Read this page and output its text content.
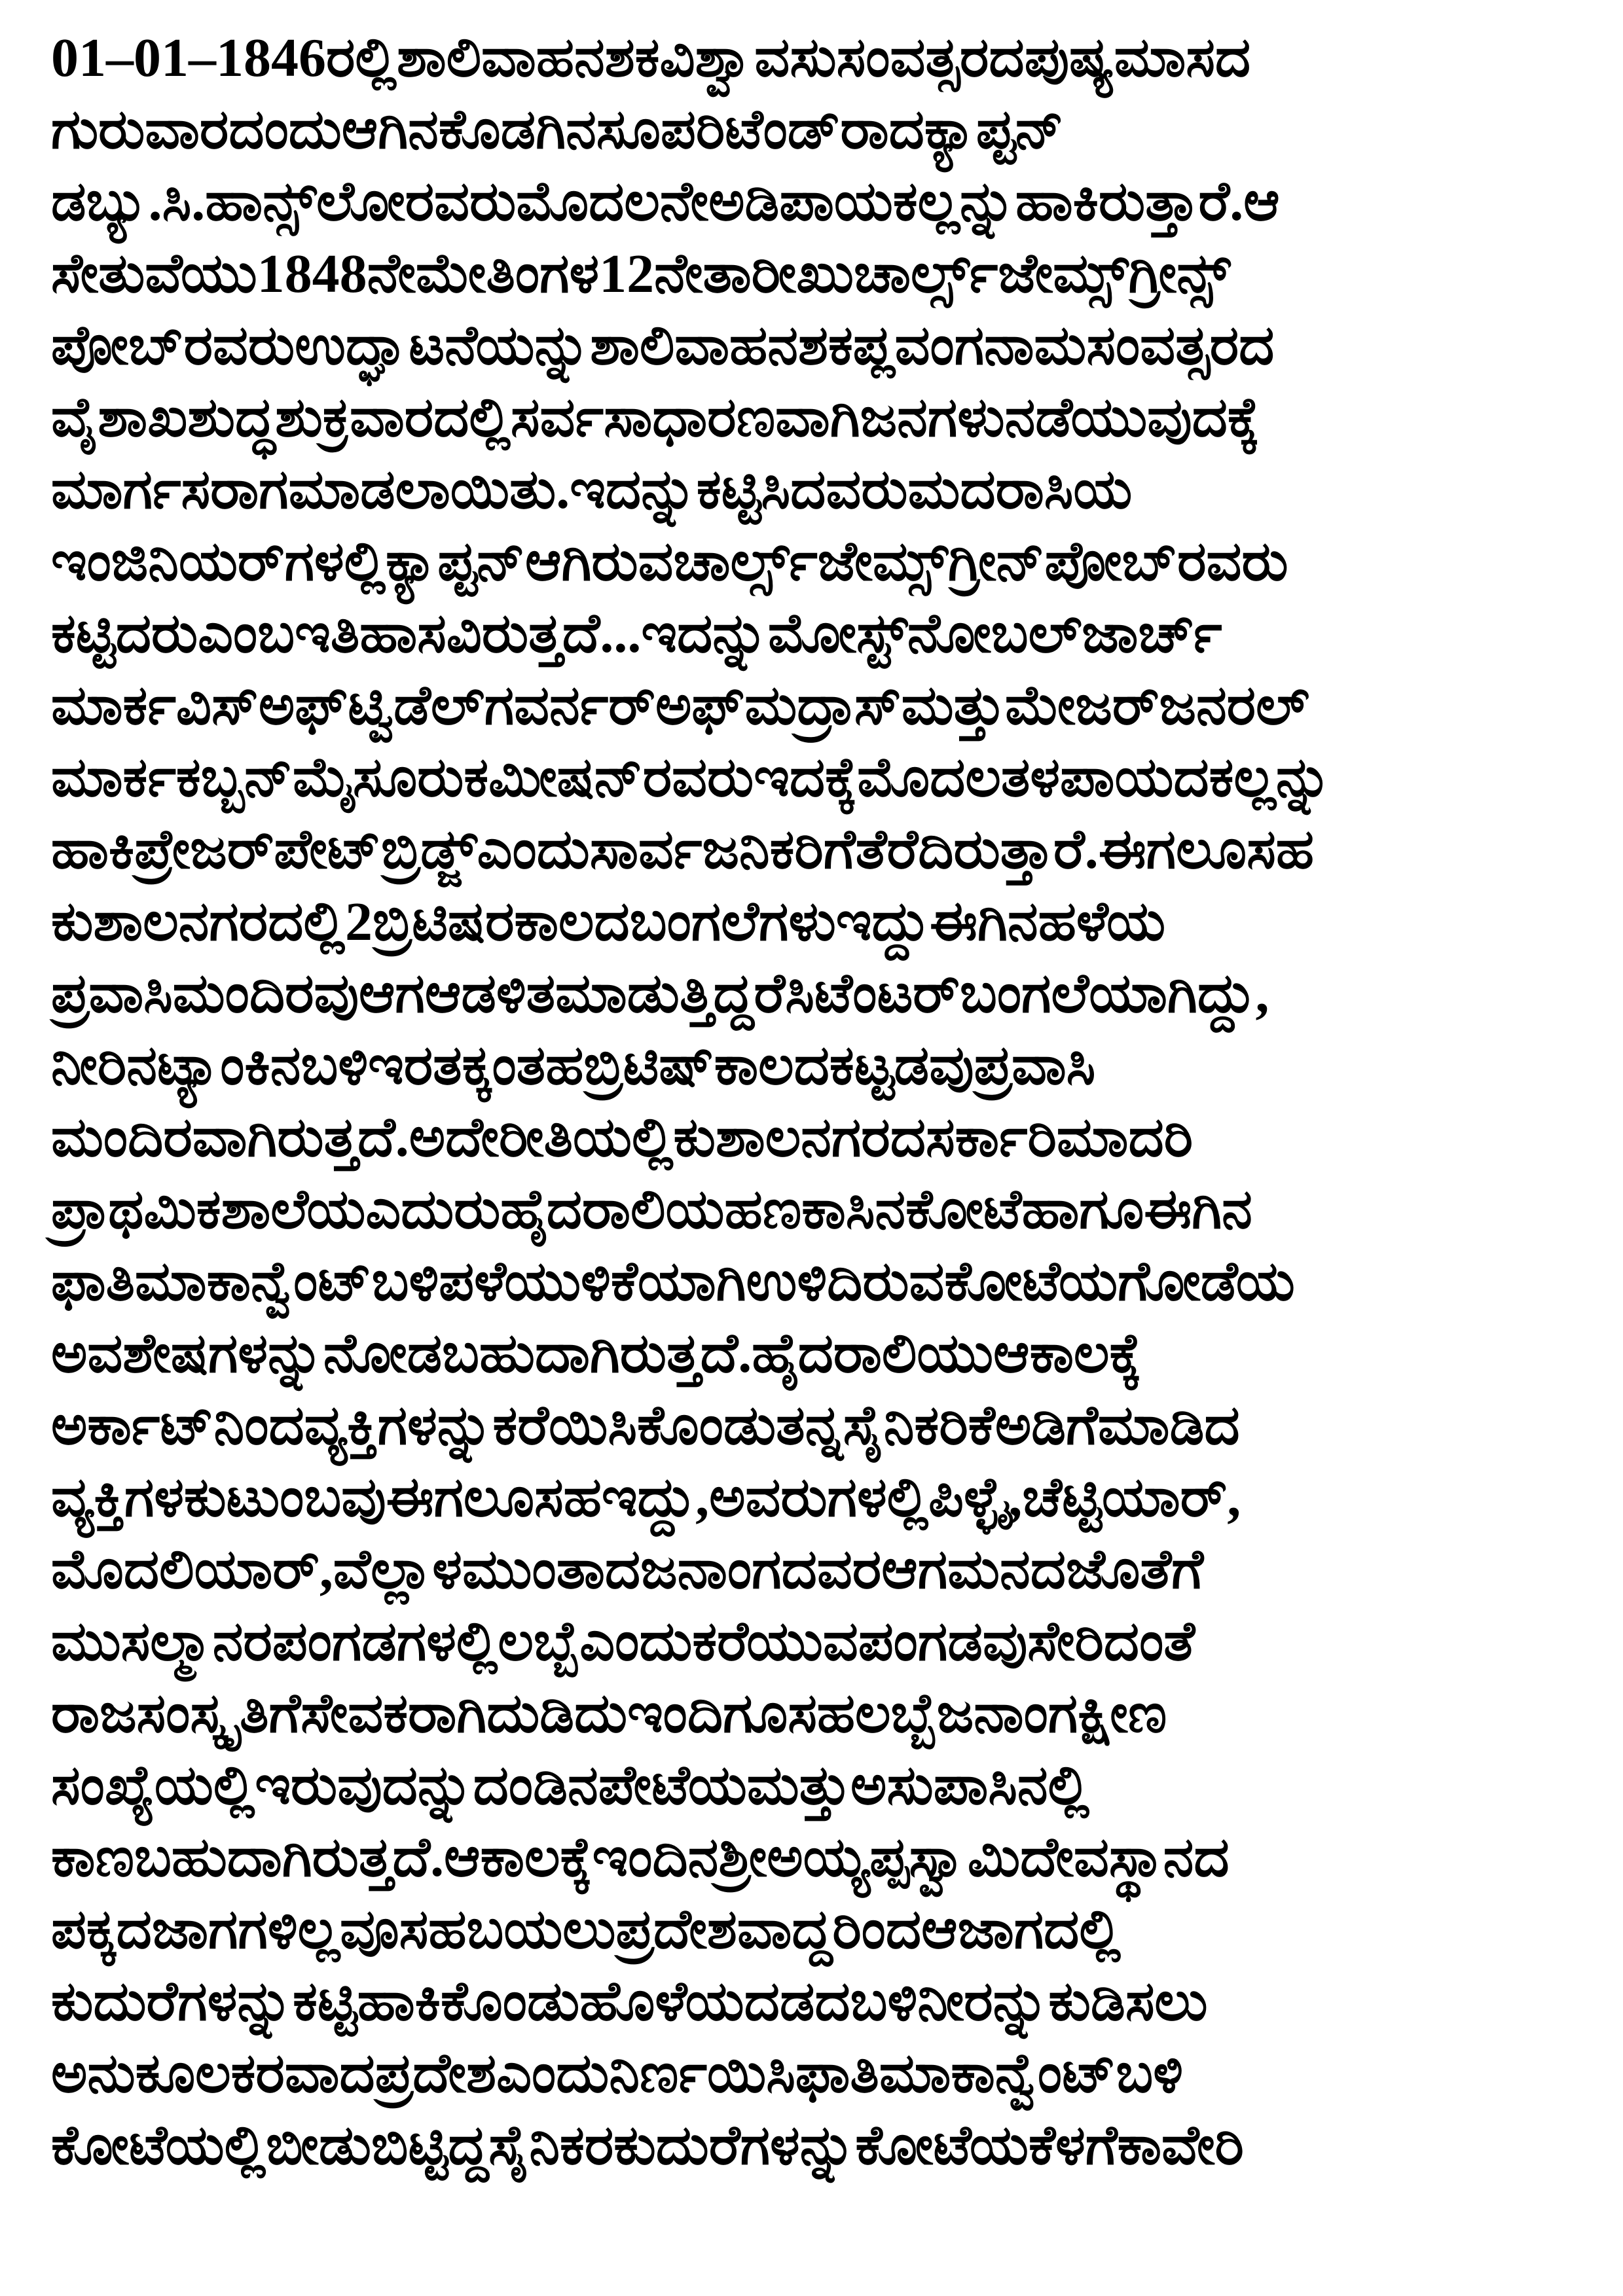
01–01–1846ರಲ್ಲಿ ಶಾಲಿವಾಹನ ಶಕ ವಿಶ್ವಾವಸು ಸಂವತ್ಸರದ ಪುಷ್ಯಮಾಸದ
ಗುರುವಾರದಂದು ಆಗಿನ ಕೊಡಗಿನ ಸೂಪರಿಟೆಂಡ್‌ರಾದ ಕ್ಯಾಪ್ಟನ್
ಡಬ್ಯು.ಸಿ.ಹಾನ್ಸ್‌ಲೋರವರು ಮೊದಲನೇ ಅಡಿಪಾಯ ಕಲ್ಲನ್ನು ಹಾಕಿರುತ್ತಾರೆ. ಆ
ಸೇತುವೆಯು 1848ನೇ ಮೇ ತಿಂಗಳ 12ನೇ ತಾರೀಖು ಚಾರ್ಲ್ಸ್‌ಜೇಮ್ಸ್ ಗ್ರೀನ್ಸ್
ಪೋಬ್‌ರವರು ಉದ್ಘಾಟನೆಯನ್ನು ಶಾಲಿವಾಹನ ಶಕಪ್ಲವಂಗನಾಮ ಸಂವತ್ಸರದ
ವೈಶಾಖ ಶುದ್ಧ ಶುಕ್ರವಾರದಲ್ಲಿ ಸರ್ವಸಾಧಾರಣವಾಗಿ ಜನಗಳು ನಡೆಯುವುದಕ್ಕೆ
ಮಾರ್ಗಸರಾಗ ಮಾಡಲಾಯಿತು. ಇದನ್ನು ಕಟ್ಟಿಸಿದವರು ಮದರಾಸಿಯ
ಇಂಜಿನಿಯರ್‌ಗಳಲ್ಲಿ ಕ್ಯಾಪ್ಟನ್ ಆಗಿರುವ ಚಾರ್ಲ್ಸ್‌ಜೇಮ್ಸ್ ಗ್ರೀನ್ ಪೋಬ್‌ರವರು
ಕಟ್ಟಿದರು ಎಂಬ ಇತಿಹಾಸವಿರುತ್ತದೆ... ಇದನ್ನು ಮೋಸ್ಟ್ ನೋಬಲ್ ಜಾರ್ಚ್
ಮಾರ್ಕವಿಸ್ ಅಫ್ ಟ್ವಿಡೆಲ್ ಗವರ್ನರ್ ಅಫ್ ಮದ್ರಾಸ್ ಮತ್ತು ಮೇಜರ್ ಜನರಲ್
ಮಾರ್ಕ ಕಬ್ಬನ್ ಮೈಸೂರು ಕಮೀಷನ್‌ರವರು ಇದಕ್ಕೆ ಮೊದಲ ತಳಪಾಯದ ಕಲ್ಲನ್ನು
ಹಾಕಿ ಪ್ರೇಜರ್ ಪೇಟ್ ಬ್ರಿಡ್ಜ್ ಎಂದು ಸಾರ್ವಜನಿಕರಿಗೆ ತೆರೆದಿರುತ್ತಾರೆ. ಈಗಲೂ ಸಹ
ಕುಶಾಲನಗರದಲ್ಲಿ 2 ಬ್ರಿಟಿಷರ ಕಾಲದ ಬಂಗಲೆಗಳು ಇದ್ದು ಈಗಿನ ಹಳೆಯ
ಪ್ರವಾಸಿಮಂದಿರವು ಆಗ ಆಡಳಿತ ಮಾಡುತ್ತಿದ್ದ ರೆಸಿಟೆಂಟರ್ ಬಂಗಲೆಯಾಗಿದ್ದು,
ನೀರಿನ ಟ್ಯಾಂಕಿನ ಬಳಿ ಇರತಕ್ಕಂತಹ ಬ್ರಿಟಿಷ್ ಕಾಲದ ಕಟ್ಟಡವು ಪ್ರವಾಸಿ
ಮಂದಿರವಾಗಿರುತ್ತದೆ. ಅದೇ ರೀತಿಯಲ್ಲಿ ಕುಶಾಲನಗರದ ಸರ್ಕಾರಿ ಮಾದರಿ
ಪ್ರಾಥಮಿಕ ಶಾಲೆಯ ಎದುರು ಹೈದರಾಲಿಯ ಹಣಕಾಸಿನ ಕೋಟೆ ಹಾಗೂ ಈಗಿನ
ಫಾತಿಮಾ ಕಾನ್ವೆಂಟ್ ಬಳಿ ಪಳೆಯುಳಿಕೆಯಾಗಿ ಉಳಿದಿರುವ ಕೋಟೆಯ ಗೋಡೆಯ
ಅವಶೇಷಗಳನ್ನು ನೋಡಬಹುದಾಗಿರುತ್ತದೆ. ಹೈದರಾಲಿಯು ಆ ಕಾಲಕ್ಕೆ
ಅರ್ಕಾಟ್‌ನಿಂದ ವ್ಯಕ್ತಿಗಳನ್ನು ಕರೆಯಿಸಿಕೊಂಡು ತನ್ನ ಸೈನಿಕರಿಕೆ ಅಡಿಗೆಮಾಡಿದ
ವ್ಯಕ್ತಿಗಳ ಕುಟುಂಬವು ಈಗಲೂ ಸಹ ಇದ್ದು, ಅವರುಗಳಲ್ಲಿ ಪಿಳ್ಳೈ, ಚೆಟ್ಟಿಯಾರ್,
ಮೊದಲಿಯಾರ್, ವೆಲ್ಲಾಳ ಮುಂತಾದ ಜನಾಂಗದವರ ಆಗಮನದ ಜೊತೆಗೆ
ಮುಸಲ್ಮಾನರ ಪಂಗಡಗಳಲ್ಲಿ ಲಬ್ಬೆ ಎಂದು ಕರೆಯುವ ಪಂಗಡವು ಸೇರಿದಂತೆ
ರಾಜಸಂಸ್ಕೃತಿಗೆ ಸೇವಕರಾಗಿ ದುಡಿದು ಇಂದಿಗೂ ಸಹ ಲಬ್ಬೆ ಜನಾಂಗ ಕ್ಷೀಣ
ಸಂಖ್ಯೆಯಲ್ಲಿ ಇರುವುದನ್ನು ದಂಡಿನಪೇಟೆಯ ಮತ್ತು ಅಸುಪಾಸಿನಲ್ಲಿ
ಕಾಣಬಹುದಾಗಿರುತ್ತದೆ. ಆ ಕಾಲಕ್ಕೆ ಇಂದಿನ ಶ್ರೀ ಅಯ್ಯಪ್ಪ ಸ್ವಾಮಿ ದೇವಸ್ಥಾನದ
ಪಕ್ಕದ ಜಾಗಗಳಿಲ್ಲವೂ ಸಹ ಬಯಲು ಪ್ರದೇಶವಾದ್ದರಿಂದ ಆ ಜಾಗದಲ್ಲಿ
ಕುದುರೆಗಳನ್ನು ಕಟ್ಟಿಹಾಕಿಕೊಂಡು ಹೊಳೆಯ ದಡದ ಬಳಿ ನೀರನ್ನು ಕುಡಿಸಲು
ಅನುಕೂಲಕರವಾದ ಪ್ರದೇಶ ಎಂದು ನಿರ್ಣಯಿಸಿ ಫಾತಿಮಾ ಕಾನ್ವೆಂಟ್ ಬಳಿ
ಕೋಟೆಯಲ್ಲಿ ಬೀಡು ಬಿಟ್ಟಿದ್ದ ಸೈನಿಕರ ಕುದುರೆಗಳನ್ನು ಕೋಟೆಯ ಕೆಳಗೆ ಕಾವೇರಿ
